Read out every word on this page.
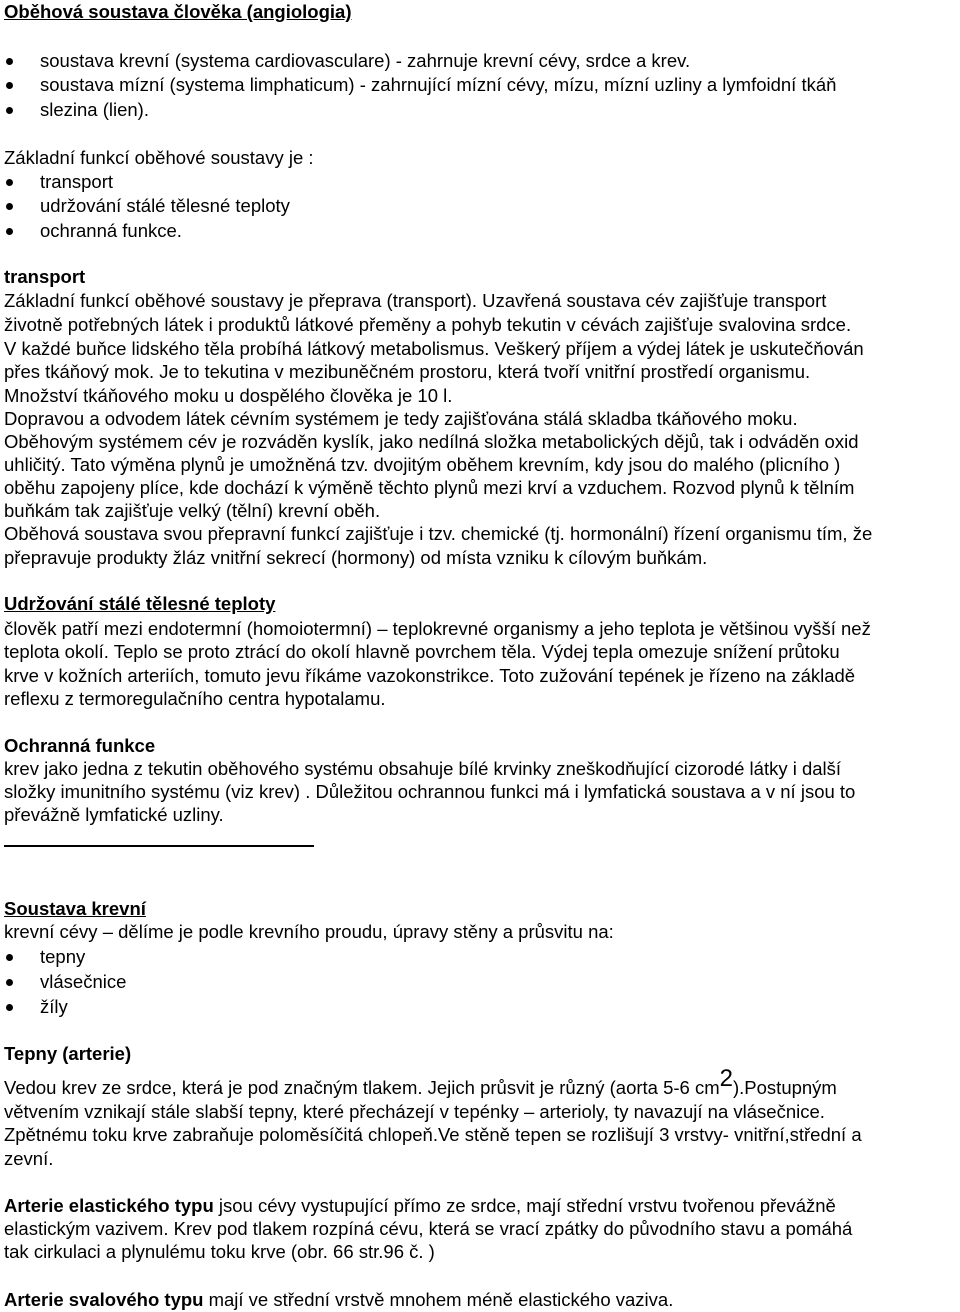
Oběhová soustava člověka (angiologia)
soustava krevní (systema cardiovasculare) - zahrnuje krevní cévy, srdce a krev.
soustava mízní (systema limphaticum) - zahrnující mízní cévy, mízu, mízní uzliny a lymfoidní tkáň
slezina (lien).
Základní funkcí oběhové soustavy je :
transport
udržování stálé tělesné teploty
ochranná funkce.
transport
Základní funkcí oběhové soustavy je přeprava (transport). Uzavřená soustava cév zajišťuje transport
životně potřebných látek i produktů látkové přeměny a pohyb tekutin v cévách zajišťuje svalovina srdce.
V každé buňce lidského těla probíhá látkový metabolismus. Veškerý příjem a výdej látek je uskutečňován
přes tkáňový mok. Je to tekutina v mezibuněčném prostoru, která tvoří vnitřní prostředí organismu.
Množství tkáňového moku u dospělého člověka je 10 l.
Dopravou a odvodem látek cévním systémem je tedy zajišťována stálá skladba tkáňového moku.
Oběhovým systémem cév je rozváděn kyslík, jako nedílná složka metabolických dějů, tak i odváděn oxid
uhličitý. Tato výměna plynů je umožněná tzv. dvojitým oběhem krevním, kdy jsou do malého (plicního )
oběhu zapojeny plíce, kde dochází k výměně těchto plynů mezi krví a vzduchem. Rozvod plynů k tělním
buňkám tak zajišťuje velký (tělní) krevní oběh.
Oběhová soustava svou přepravní funkcí zajišťuje i tzv. chemické (tj. hormonální) řízení organismu tím, že
přepravuje produkty žláz vnitřní sekrecí (hormony) od místa vzniku k cílovým buňkám.
Udržování stálé tělesné teploty
člověk patří mezi endotermní (homoiotermní) – teplokrevné organismy a jeho teplota je většinou vyšší než
teplota okolí. Teplo se proto ztrácí do okolí hlavně povrchem těla. Výdej tepla omezuje snížení průtoku
krve v kožních arteriích, tomuto jevu říkáme vazokonstrikce. Toto zužování tepének je řízeno na základě
reflexu z termoregulačního centra hypotalamu.
Ochranná funkce
krev jako jedna z tekutin oběhového systému obsahuje bílé krvinky zneškodňující cizorodé látky i další
složky imunitního systému (viz krev) . Důležitou ochrannou funkci má i lymfatická soustava a v ní jsou to
převážně lymfatické uzliny.
Soustava krevní
krevní cévy – dělíme je podle krevního proudu, úpravy stěny a průsvitu na:
tepny
vlásečnice
žíly
Tepny (arterie)
Vedou krev ze srdce, která je pod značným tlakem. Jejich průsvit je různý (aorta 5-6 $cm^2).Postupným$
větvením vznikají stále slabší tepny, které přecházejí v tepénky – arterioly, ty navazují na vlásečnice.
Zpětnému toku krve zabraňuje poloměsíčitá chlopeň.Ve stěně tepen se rozlišují 3 vrstvy- vnitřní,střední a
zevní.
Arterie elastického typu jsou cévy vystupující přímo ze srdce, mají střední vrstvu tvořenou převážně
elastickým vazivem. Krev pod tlakem rozpíná cévu, která se vrací zpátky do původního stavu a pomáhá
tak cirkulaci a plynulému toku krve (obr. 66 str.96 č. )
Arterie svalového typu mají ve střední vrstvě mnohem méně elastického vaziva.
